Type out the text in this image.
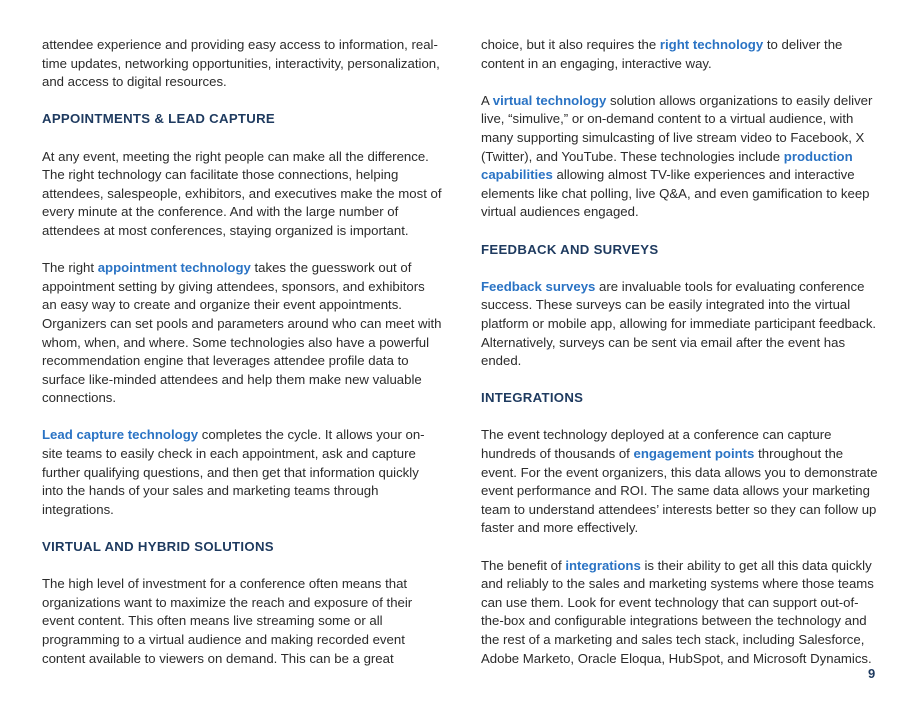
attendee experience and providing easy access to information, real-time updates, networking opportunities, interactivity, personalization, and access to digital resources.

APPOINTMENTS & LEAD CAPTURE

At any event, meeting the right people can make all the difference. The right technology can facilitate those connections, helping attendees, salespeople, exhibitors, and executives make the most of every minute at the conference. And with the large number of attendees at most conferences, staying organized is important.

The right appointment technology takes the guesswork out of appointment setting by giving attendees, sponsors, and exhibitors an easy way to create and organize their event appointments. Organizers can set pools and parameters around who can meet with whom, when, and where. Some technologies also have a powerful recommendation engine that leverages attendee profile data to surface like-minded attendees and help them make new valuable connections.

Lead capture technology completes the cycle. It allows your on-site teams to easily check in each appointment, ask and capture further qualifying questions, and then get that information quickly into the hands of your sales and marketing teams through integrations.

VIRTUAL AND HYBRID SOLUTIONS

The high level of investment for a conference often means that organizations want to maximize the reach and exposure of their event content. This often means live streaming some or all programming to a virtual audience and making recorded event content available to viewers on demand. This can be a great

choice, but it also requires the right technology to deliver the content in an engaging, interactive way.

A virtual technology solution allows organizations to easily deliver live, “simulive,” or on-demand content to a virtual audience, with many supporting simulcasting of live stream video to Facebook, X (Twitter), and YouTube. These technologies include production capabilities allowing almost TV-like experiences and interactive elements like chat polling, live Q&A, and even gamification to keep virtual audiences engaged.

FEEDBACK AND SURVEYS

Feedback surveys are invaluable tools for evaluating conference success. These surveys can be easily integrated into the virtual platform or mobile app, allowing for immediate participant feedback. Alternatively, surveys can be sent via email after the event has ended.

INTEGRATIONS

The event technology deployed at a conference can capture hundreds of thousands of engagement points throughout the event. For the event organizers, this data allows you to demonstrate event performance and ROI. The same data allows your marketing team to understand attendees’ interests better so they can follow up faster and more effectively.

The benefit of integrations is their ability to get all this data quickly and reliably to the sales and marketing systems where those teams can use them. Look for event technology that can support out-of-the-box and configurable integrations between the technology and the rest of a marketing and sales tech stack, including Salesforce, Adobe Marketo, Oracle Eloqua, HubSpot, and Microsoft Dynamics.

9
